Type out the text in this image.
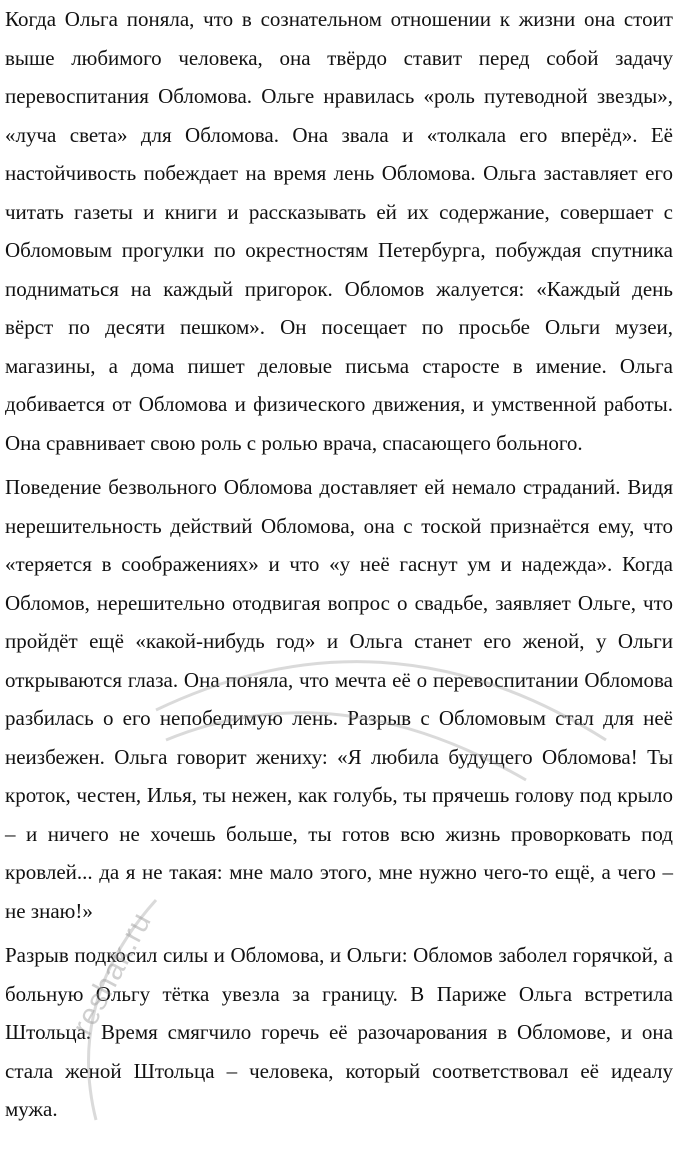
Когда Ольга поняла, что в сознательном отношении к жизни она стоит выше любимого человека, она твёрдо ставит перед собой задачу перевоспитания Обломова. Ольге нравилась «роль путеводной звезды», «луча света» для Обломова. Она звала и «толкала его вперёд». Её настойчивость побеждает на время лень Обломова. Ольга заставляет его читать газеты и книги и рассказывать ей их содержание, совершает с Обломовым прогулки по окрестностям Петербурга, побуждая спутника подниматься на каждый пригорок. Обломов жалуется: «Каждый день вёрст по десяти пешком». Он посещает по просьбе Ольги музеи, магазины, а дома пишет деловые письма старосте в имение. Ольга добивается от Обломова и физического движения, и умственной работы. Она сравнивает свою роль с ролью врача, спасающего больного.

Поведение безвольного Обломова доставляет ей немало страданий. Видя нерешительность действий Обломова, она с тоской признаётся ему, что «теряется в соображениях» и что «у неё гаснут ум и надежда». Когда Обломов, нерешительно отодвигая вопрос о свадьбе, заявляет Ольге, что пройдёт ещё «какой-нибудь год» и Ольга станет его женой, у Ольги открываются глаза. Она поняла, что мечта её о перевоспитании Обломова разбилась о его непобедимую лень. Разрыв с Обломовым стал для неё неизбежен. Ольга говорит жениху: «Я любила будущего Обломова! Ты кроток, честен, Илья, ты нежен, как голубь, ты прячешь голову под крыло – и ничего не хочешь больше, ты готов всю жизнь проворковать под кровлей... да я не такая: мне мало этого, мне нужно чего-то ещё, а чего – не знаю!»

Разрыв подкосил силы и Обломова, и Ольги: Обломов заболел горячкой, а больную Ольгу тётка увезла за границу. В Париже Ольга встретила Штольца. Время смягчило горечь её разочарования в Обломове, и она стала женой Штольца – человека, который соответствовал её идеалу мужа.

reshak.ru
